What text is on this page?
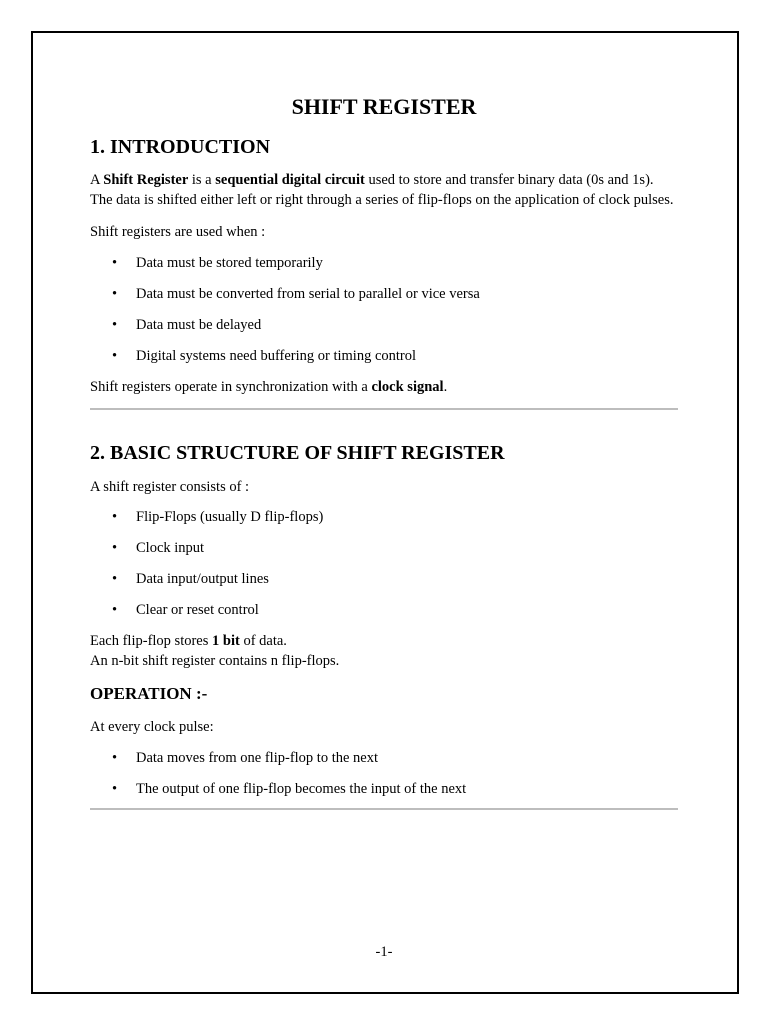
SHIFT REGISTER
1. INTRODUCTION

A Shift Register is a sequential digital circuit used to store and transfer binary data (0s and 1s). The data is shifted either left or right through a series of flip-flops on the application of clock pulses.

Shift registers are used when :

• Data must be stored temporarily
• Data must be converted from serial to parallel or vice versa
• Data must be delayed
• Digital systems need buffering or timing control

Shift registers operate in synchronization with a clock signal.

2. BASIC STRUCTURE OF SHIFT REGISTER

A shift register consists of :

• Flip-Flops (usually D flip-flops)
• Clock input
• Data input/output lines
• Clear or reset control

Each flip-flop stores 1 bit of data.
An n-bit shift register contains n flip-flops.

OPERATION :-

At every clock pulse:

• Data moves from one flip-flop to the next
• The output of one flip-flop becomes the input of the next
-1-
